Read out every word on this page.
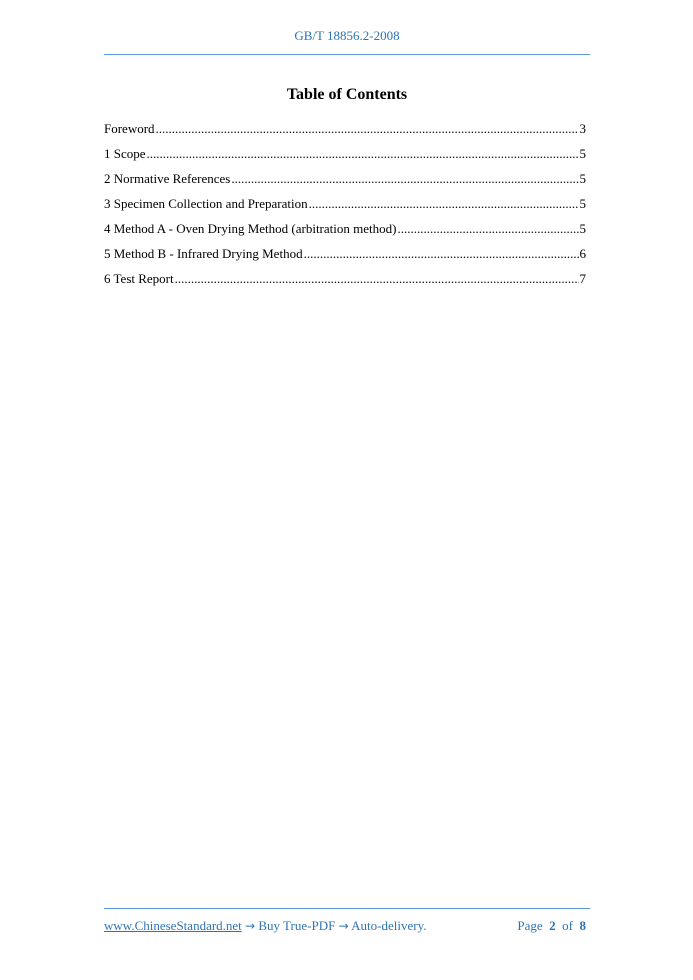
GB/T 18856.2-2008
Table of Contents
Foreword .....	3
1 Scope .....	5
2 Normative References .....	5
3 Specimen Collection and Preparation .....	5
4 Method A - Oven Drying Method (arbitration method) .....	5
5 Method B - Infrared Drying Method .....	6
6 Test Report .....	7
www.ChineseStandard.net → Buy True-PDF → Auto-delivery.	Page 2 of 8
